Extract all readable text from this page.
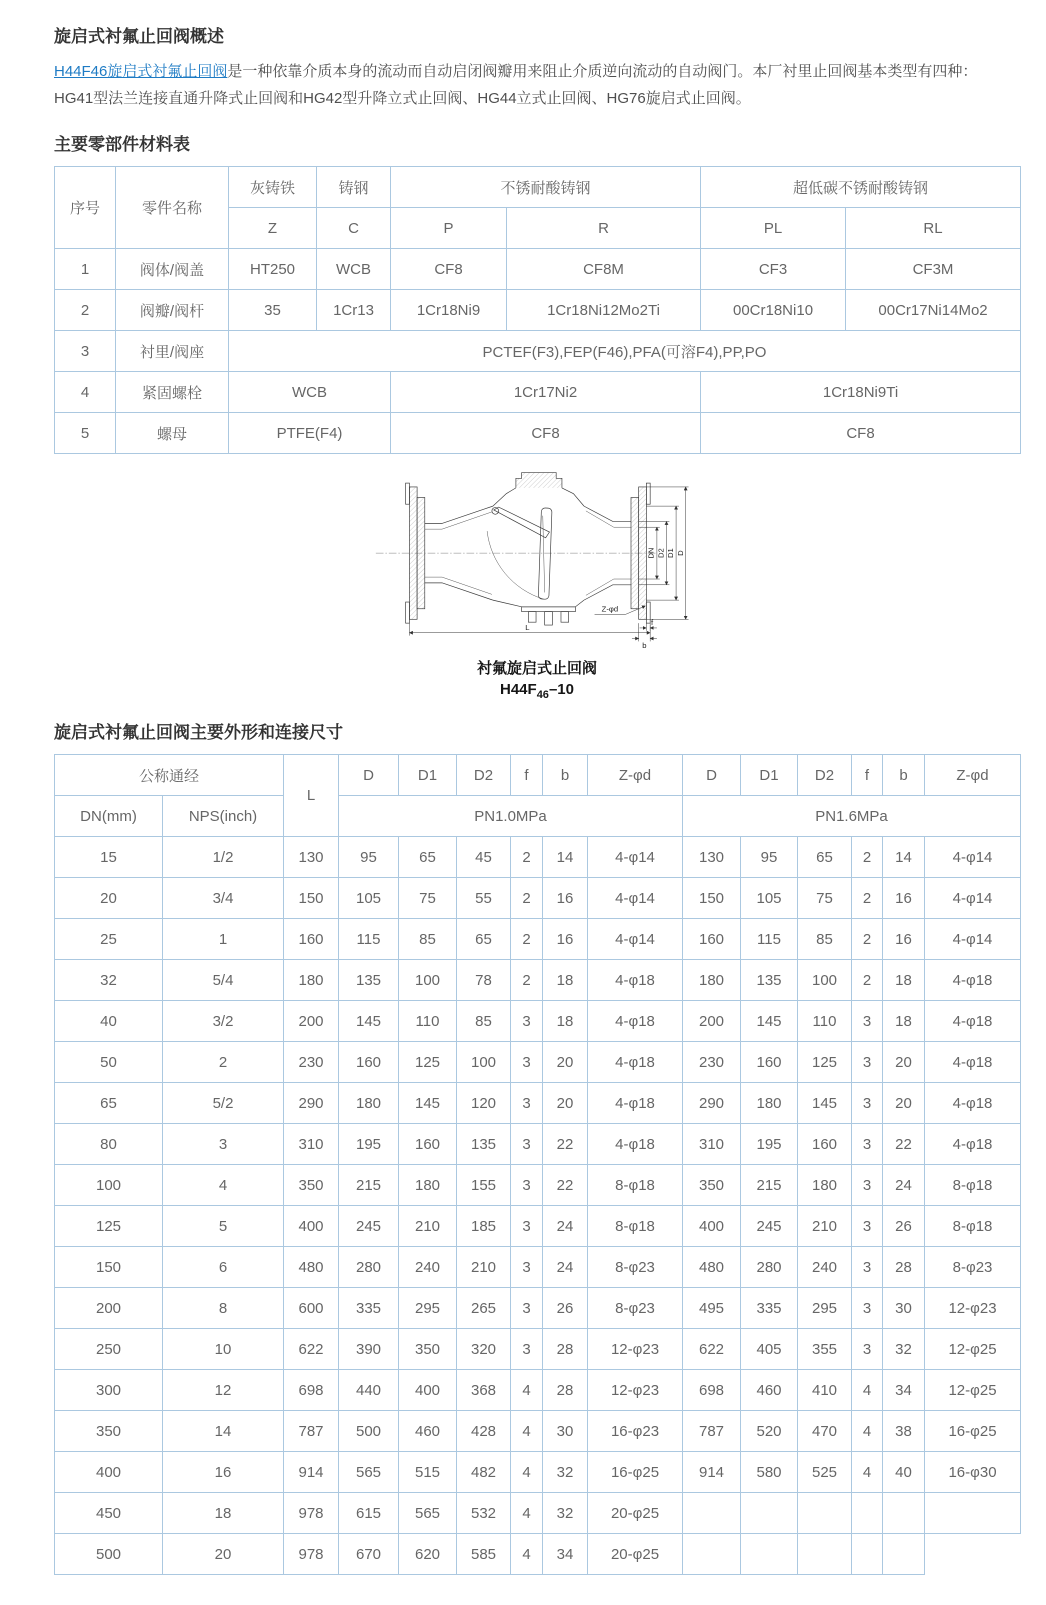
旋启式衬氟止回阀概述

H44F46旋启式衬氟止回阀是一种依靠介质本身的流动而自动启闭阀瓣用来阻止介质逆向流动的自动阀门。本厂衬里止回阀基本类型有四种：HG41型法兰连接直通升降式止回阀和HG42型升降立式止回阀、HG44立式止回阀、HG76旋启式止回阀。

主要零部件材料表
序号	零件名称	灰铸铁	铸钢	不锈耐酸铸钢		超低碳不锈耐酸铸钢	
		Z	C	P	R	PL	RL
1	阀体/阀盖	HT250	WCB	CF8	CF8M	CF3	CF3M
2	阀瓣/阀杆	35	1Cr13	1Cr18Ni9	1Cr18Ni12Mo2Ti	00Cr18Ni10	00Cr17Ni14Mo2
3	衬里/阀座	PCTEF(F3),FEP(F46),PFA(可溶F4),PP,PO					
4	紧固螺栓	WCB		1Cr17Ni2		1Cr18Ni9Ti	
5	螺母	PTFE(F4)		CF8		CF8	
DN D2 D1 D
L
f
b
Z-φd
衬氟旋启式止回阀
$H44F_{46}-10$
旋启式衬氟止回阀主要外形和连接尺寸
公称通经		L	D	D1	D2	f	b	Z-φd	D	D1	D2	f	b	Z-φd
DN(mm)	NPS(inch)		PN1.0MPa						PN1.6MPa					
15	1/2	130	95	65	45	2	14	4-φ14	130	95	65	2	14	4-φ14
20	3/4	150	105	75	55	2	16	4-φ14	150	105	75	2	16	4-φ14
25	1	160	115	85	65	2	16	4-φ14	160	115	85	2	16	4-φ14
32	5/4	180	135	100	78	2	18	4-φ18	180	135	100	2	18	4-φ18
40	3/2	200	145	110	85	3	18	4-φ18	200	145	110	3	18	4-φ18
50	2	230	160	125	100	3	20	4-φ18	230	160	125	3	20	4-φ18
65	5/2	290	180	145	120	3	20	4-φ18	290	180	145	3	20	4-φ18
80	3	310	195	160	135	3	22	4-φ18	310	195	160	3	22	4-φ18
100	4	350	215	180	155	3	22	8-φ18	350	215	180	3	24	8-φ18
125	5	400	245	210	185	3	24	8-φ18	400	245	210	3	26	8-φ18
150	6	480	280	240	210	3	24	8-φ23	480	280	240	3	28	8-φ23
200	8	600	335	295	265	3	26	8-φ23	495	335	295	3	30	12-φ23
250	10	622	390	350	320	3	28	12-φ23	622	405	355	3	32	12-φ25
300	12	698	440	400	368	4	28	12-φ23	698	460	410	4	34	12-φ25
350	14	787	500	460	428	4	30	16-φ23	787	520	470	4	38	16-φ25
400	16	914	565	515	482	4	32	16-φ25	914	580	525	4	40	16-φ30
450	18	978	615	565	532	4	32	20-φ25						
500	20	978	670	620	585	4	34	20-φ25						
